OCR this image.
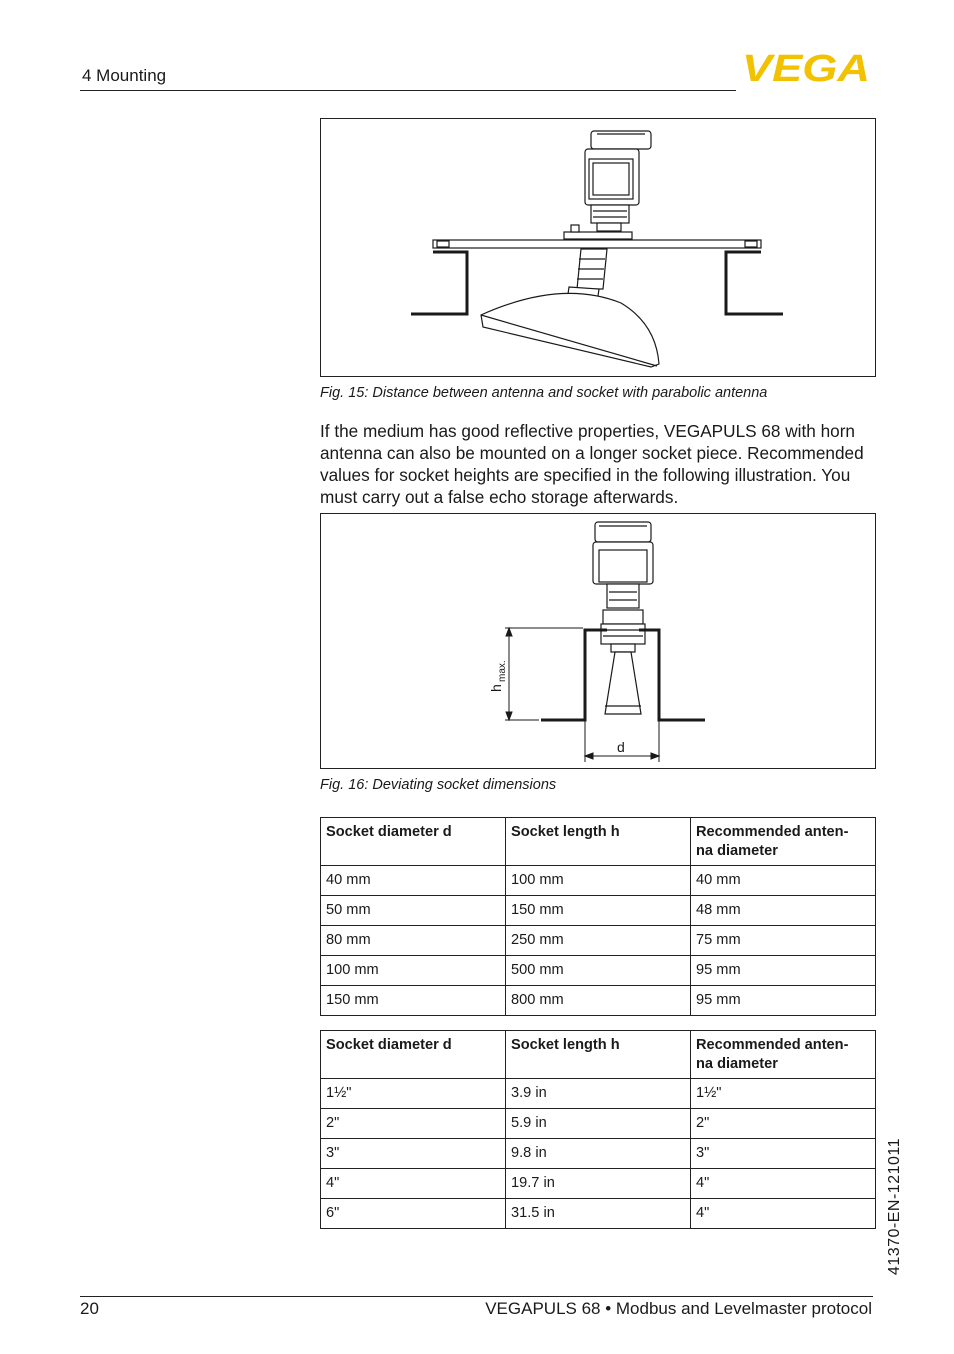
4 Mounting	VEGA
Fig. 15: Distance between antenna and socket with parabolic antenna

If the medium has good reflective properties, VEGAPULS 68 with horn antenna can also be mounted on a longer socket piece. Recommended values for socket heights are specified in the following illustration. You must carry out a false echo storage afterwards.

h
max.
d
Fig. 16: Deviating socket dimensions
Socket diameter d	Socket length h	Recommended anten-
na diameter
40 mm	100 mm	40 mm
50 mm	150 mm	48 mm
80 mm	250 mm	75 mm
100 mm	500 mm	95 mm
150 mm	800 mm	95 mm
Socket diameter d	Socket length h	Recommended anten-
na diameter
1½"	3.9 in	1½"
2"	5.9 in	2"
3"	9.8 in	3"
4"	19.7 in	4"
6"	31.5 in	4"	41370-EN-121011
20	VEGAPULS 68 • Modbus and Levelmaster protocol
